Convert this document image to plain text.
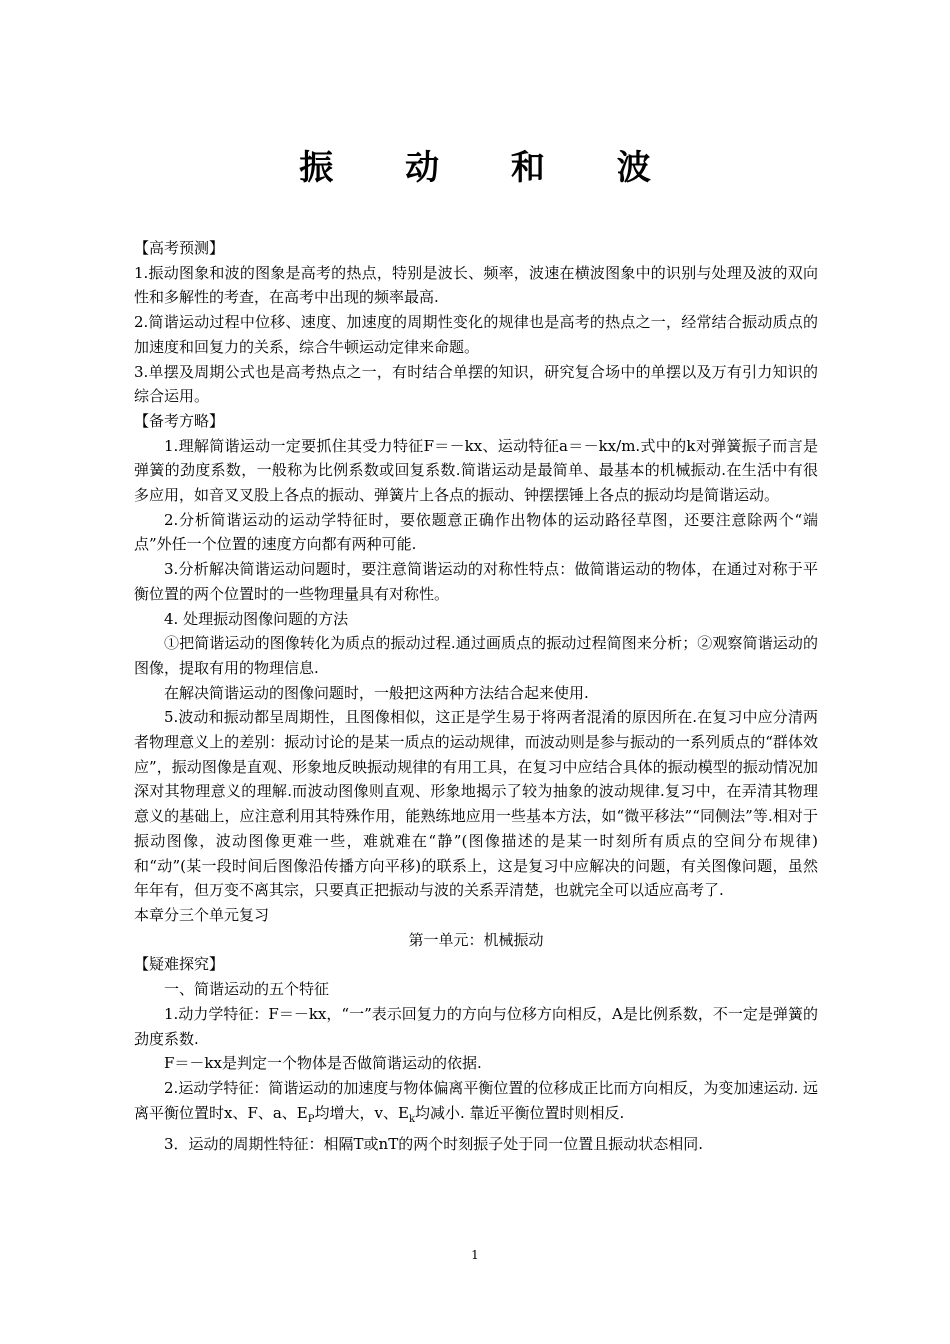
振 动 和 波

【高考预测】

1.振动图象和波的图象是高考的热点，特别是波长、频率，波速在横波图象中的识别与处理及波的双向性和多解性的考查，在高考中出现的频率最高.

2.简谐运动过程中位移、速度、加速度的周期性变化的规律也是高考的热点之一，经常结合振动质点的加速度和回复力的关系，综合牛顿运动定律来命题。

3.单摆及周期公式也是高考热点之一，有时结合单摆的知识，研究复合场中的单摆以及万有引力知识的综合运用。

【备考方略】

1.理解简谐运动一定要抓住其受力特征F＝－kx、运动特征a＝－kx/m.式中的k对弹簧振子而言是弹簧的劲度系数，一般称为比例系数或回复系数.简谐运动是最简单、最基本的机械振动.在生活中有很多应用，如音叉叉股上各点的振动、弹簧片上各点的振动、钟摆摆锤上各点的振动均是简谐运动。

2.分析简谐运动的运动学特征时，要依题意正确作出物体的运动路径草图，还要注意除两个“端点”外任一个位置的速度方向都有两种可能.

3.分析解决简谐运动问题时，要注意简谐运动的对称性特点：做简谐运动的物体，在通过对称于平衡位置的两个位置时的一些物理量具有对称性。

4. 处理振动图像问题的方法

①把简谐运动的图像转化为质点的振动过程.通过画质点的振动过程简图来分析；②观察简谐运动的图像，提取有用的物理信息.

在解决简谐运动的图像问题时，一般把这两种方法结合起来使用.

5.波动和振动都呈周期性，且图像相似，这正是学生易于将两者混淆的原因所在.在复习中应分清两者物理意义上的差别：振动讨论的是某一质点的运动规律，而波动则是参与振动的一系列质点的“群体效应”，振动图像是直观、形象地反映振动规律的有用工具，在复习中应结合具体的振动模型的振动情况加深对其物理意义的理解.而波动图像则直观、形象地揭示了较为抽象的波动规律.复习中，在弄清其物理意义的基础上，应注意利用其特殊作用，能熟练地应用一些基本方法，如“微平移法”“同侧法”等.相对于振动图像，波动图像更难一些，难就难在“静”(图像描述的是某一时刻所有质点的空间分布规律)和“动”(某一段时间后图像沿传播方向平移)的联系上，这是复习中应解决的问题，有关图像问题，虽然年年有，但万变不离其宗，只要真正把振动与波的关系弄清楚，也就完全可以适应高考了.

本章分三个单元复习

第一单元：机械振动

【疑难探究】

一、简谐运动的五个特征

1.动力学特征：F＝－kx，“一”表示回复力的方向与位移方向相反，A是比例系数，不一定是弹簧的劲度系数.

F＝－kx是判定一个物体是否做简谐运动的依据.

2.运动学特征：简谐运动的加速度与物体偏离平衡位置的位移成正比而方向相反，为变加速运动. 远离平衡位置时x、F、a、$E_P$均增大，v、$E_k$均减小. 靠近平衡位置时则相反.

3．运动的周期性特征：相隔T或nT的两个时刻振子处于同一位置且振动状态相同.

1
